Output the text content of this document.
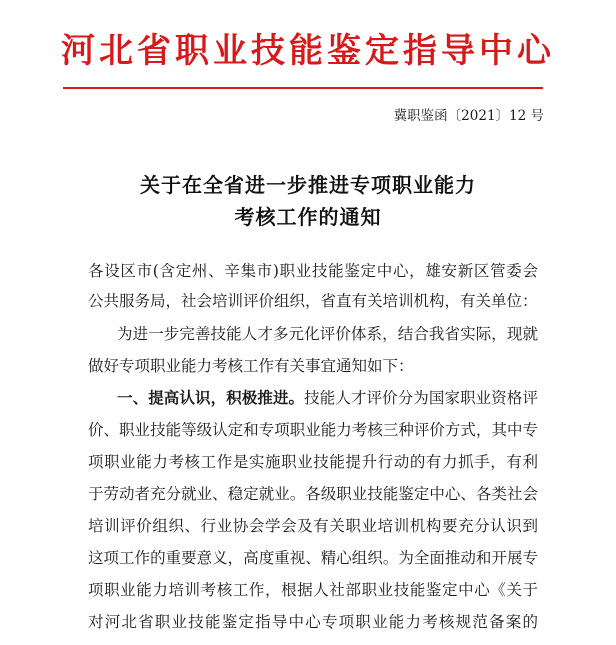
河北省职业技能鉴定指导中心
冀职鉴函〔2021〕12 号
关于在全省进一步推进专项职业能力
考核工作的通知
各设区市(含定州、辛集市)职业技能鉴定中心，雄安新区管委会
公共服务局，社会培训评价组织，省直有关培训机构，有关单位：
为进一步完善技能人才多元化评价体系，结合我省实际，现就
做好专项职业能力考核工作有关事宜通知如下：
一、提高认识，积极推进。技能人才评价分为国家职业资格评
价、职业技能等级认定和专项职业能力考核三种评价方式，其中专
项职业能力考核工作是实施职业技能提升行动的有力抓手，有利
于劳动者充分就业、稳定就业。各级职业技能鉴定中心、各类社会
培训评价组织、行业协会学会及有关职业培训机构要充分认识到
这项工作的重要意义，高度重视、精心组织。为全面推动和开展专
项职业能力培训考核工作，根据人社部职业技能鉴定中心《关于
对河北省职业技能鉴定指导中心专项职业能力考核规范备案的
